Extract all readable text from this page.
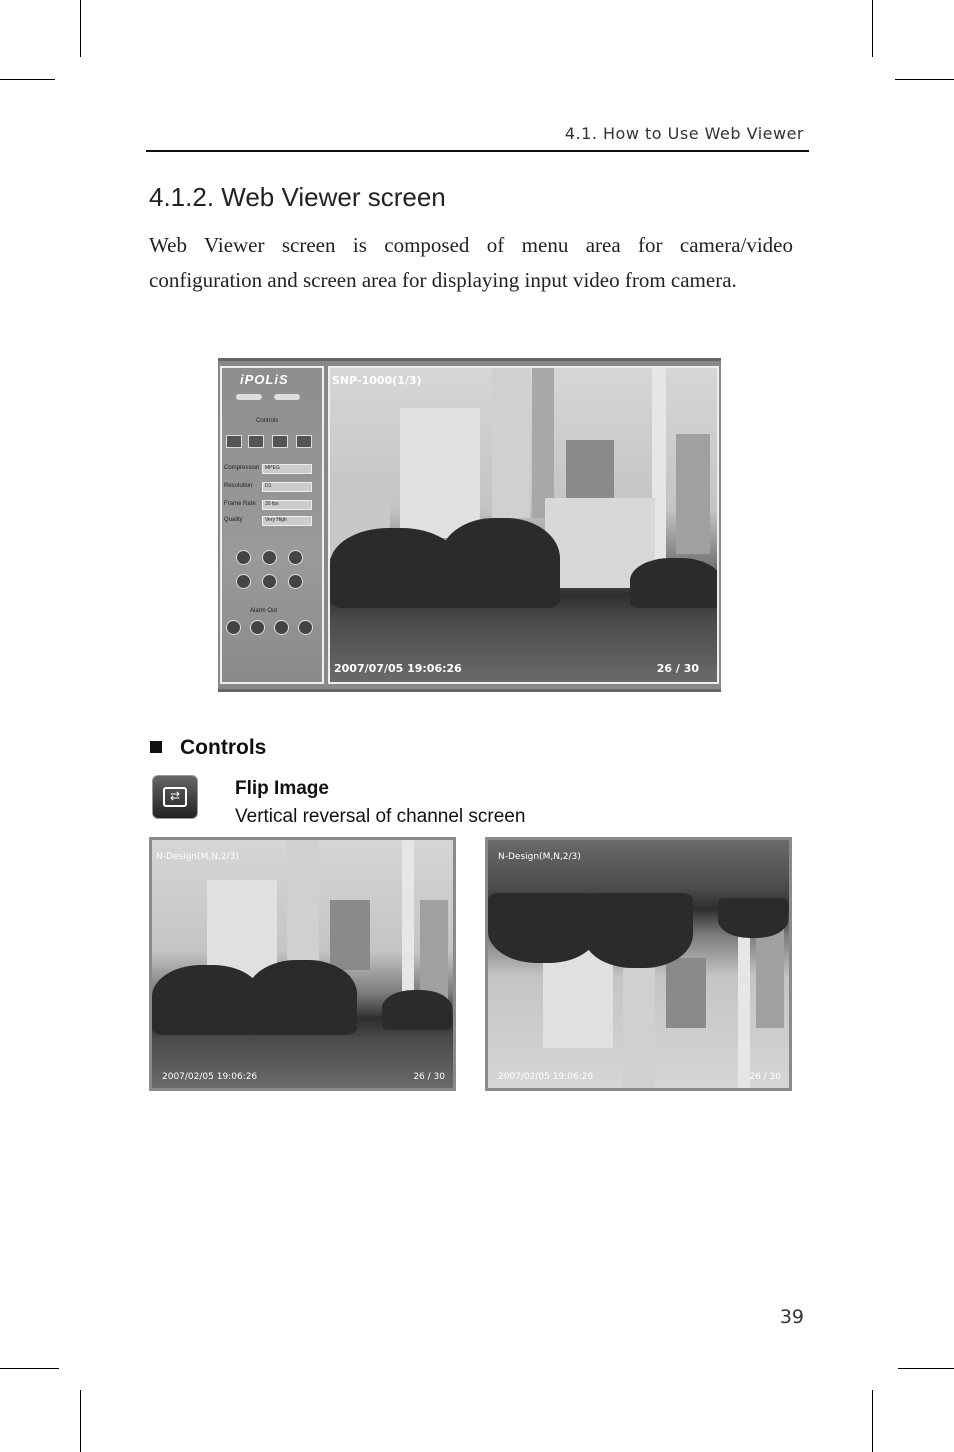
4.1. How to Use Web Viewer
4.1.2. Web Viewer screen
Web Viewer screen is composed of menu area for camera/video configuration and screen area for displaying input video from camera.
iPOLiS
Controls
Compression MPEG
Resolution	D1
Frame Rate 30 fps
Quality	Very High
Alarm Out
SNP-1000(1/3)
2007/07/05 19:06:26	26 / 30
Controls
⇄	Flip Image
Vertical reversal of channel screen
N-Design(M,N,2/3)
2007/02/05 19:06:26	26 / 30
N-Design(M,N,2/3)
2007/02/05 19:06:26	26 / 30
39
